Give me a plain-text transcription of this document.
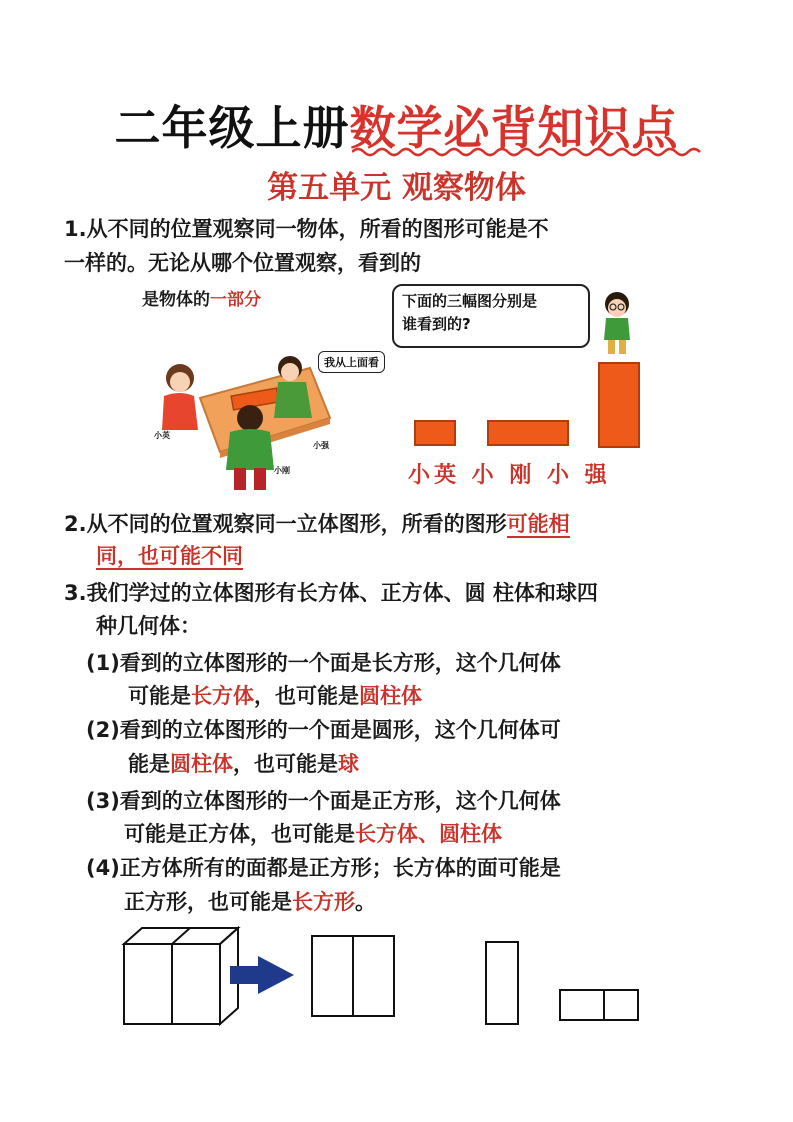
二年级上册数学必背知识点
第五单元 观察物体
1.从不同的位置观察同一物体，所看的图形可能是不
一样的。无论从哪个位置观察，看到的
是物体的一部分
小英
小强
小刚
我从上面看
下面的三幅图分别是
谁看到的?
小英 小 刚 小 强
2.从不同的位置观察同一立体图形，所看的图形可能相
同，也可能不同
3.我们学过的立体图形有长方体、正方体、圆 柱体和球四
种几何体：
(1)看到的立体图形的一个面是长方形，这个几何体
可能是长方体，也可能是圆柱体
(2)看到的立体图形的一个面是圆形，这个几何体可
能是圆柱体，也可能是球
(3)看到的立体图形的一个面是正方形，这个几何体
可能是正方体，也可能是长方体、圆柱体
(4)正方体所有的面都是正方形；长方体的面可能是
正方形，也可能是长方形。
